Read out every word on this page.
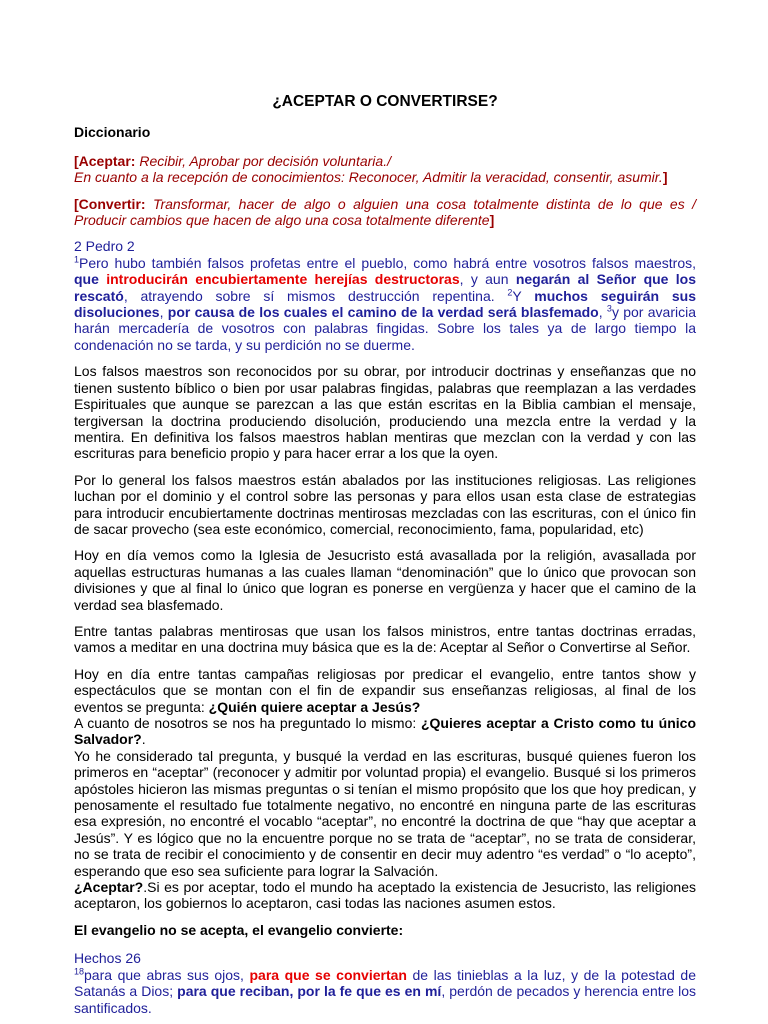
¿ACEPTAR O CONVERTIRSE?
Diccionario
[Aceptar: Recibir, Aprobar por decisión voluntaria./
En cuanto a la recepción de conocimientos: Reconocer, Admitir la veracidad, consentir, asumir.]
[Convertir: Transformar, hacer de algo o alguien una cosa totalmente distinta de lo que es / Producir cambios que hacen de algo una cosa totalmente diferente]
2 Pedro 2
$^1$Pero hubo también falsos profetas entre el pueblo, como habrá entre vosotros falsos maestros, que introducirán encubiertamente herejías destructoras, y aun negarán al Señor que los rescató, atrayendo sobre sí mismos destrucción repentina. $^2$Y muchos seguirán sus disoluciones, por causa de los cuales el camino de la verdad será blasfemado, $^3$y por avaricia harán mercadería de vosotros con palabras fingidas. Sobre los tales ya de largo tiempo la condenación no se tarda, y su perdición no se duerme.
Los falsos maestros son reconocidos por su obrar, por introducir doctrinas y enseñanzas que no tienen sustento bíblico o bien por usar palabras fingidas, palabras que reemplazan a las verdades Espirituales que aunque se parezcan a las que están escritas en la Biblia cambian el mensaje, tergiversan la doctrina produciendo disolución, produciendo una mezcla entre la verdad y la mentira. En definitiva los falsos maestros hablan mentiras que mezclan con la verdad y con las escrituras para beneficio propio y para hacer errar a los que la oyen.
Por lo general los falsos maestros están abalados por las instituciones religiosas. Las religiones luchan por el dominio y el control sobre las personas y para ellos usan esta clase de estrategias para introducir encubiertamente doctrinas mentirosas mezcladas con las escrituras, con el único fin de sacar provecho (sea este económico, comercial, reconocimiento, fama, popularidad, etc)
Hoy en día vemos como la Iglesia de Jesucristo está avasallada por la religión, avasallada por aquellas estructuras humanas a las cuales llaman “denominación” que lo único que provocan son divisiones y que al final lo único que logran es ponerse en vergüenza y hacer que el camino de la verdad sea blasfemado.
Entre tantas palabras mentirosas que usan los falsos ministros, entre tantas doctrinas erradas, vamos a meditar en una doctrina muy básica que es la de: Aceptar al Señor o Convertirse al Señor.
Hoy en día entre tantas campañas religiosas por predicar el evangelio, entre tantos show y espectáculos que se montan con el fin de expandir sus enseñanzas religiosas, al final de los eventos se pregunta: ¿Quién quiere aceptar a Jesús?
A cuanto de nosotros se nos ha preguntado lo mismo: ¿Quieres aceptar a Cristo como tu único Salvador?.
Yo he considerado tal pregunta, y busqué la verdad en las escrituras, busqué quienes fueron los primeros en “aceptar” (reconocer y admitir por voluntad propia) el evangelio. Busqué si los primeros apóstoles hicieron las mismas preguntas o si tenían el mismo propósito que los que hoy predican, y penosamente el resultado fue totalmente negativo, no encontré en ninguna parte de las escrituras esa expresión, no encontré el vocablo “aceptar”, no encontré la doctrina de que “hay que aceptar a Jesús”. Y es lógico que no la encuentre porque no se trata de “aceptar”, no se trata de considerar, no se trata de recibir el conocimiento y de consentir en decir muy adentro “es verdad” o “lo acepto”, esperando que eso sea suficiente para lograr la Salvación.
¿Aceptar?.Si es por aceptar, todo el mundo ha aceptado la existencia de Jesucristo, las religiones aceptaron, los gobiernos lo aceptaron, casi todas las naciones asumen estos.
El evangelio no se acepta, el evangelio convierte:
Hechos 26
$^{18}$para que abras sus ojos, para que se conviertan de las tinieblas a la luz, y de la potestad de Satanás a Dios; para que reciban, por la fe que es en mí, perdón de pecados y herencia entre los santificados.
